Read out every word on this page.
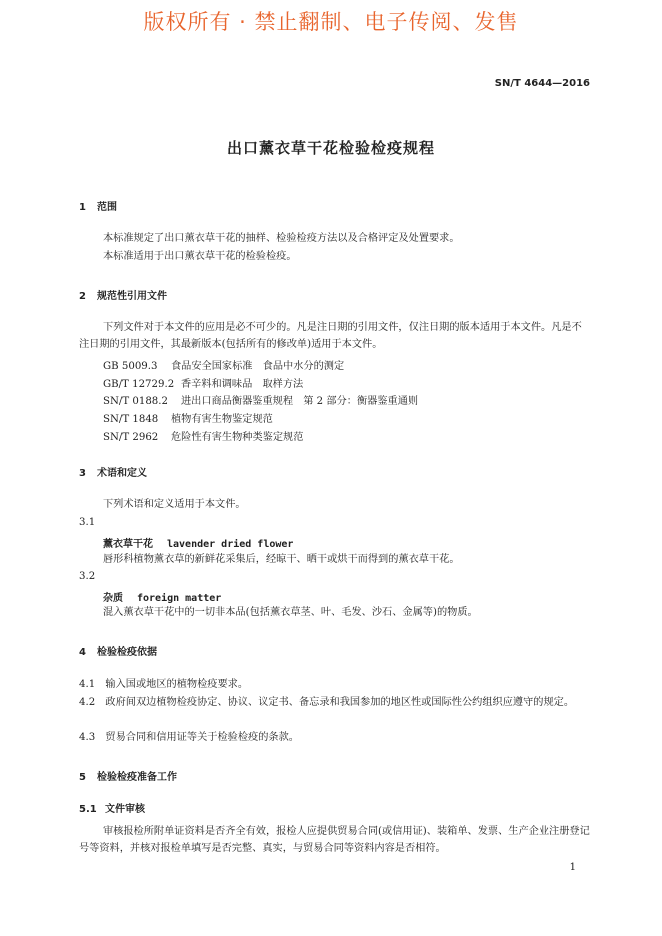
版权所有 · 禁止翻制、电子传阅、发售
SN/T 4644—2016
出口薰衣草干花检验检疫规程
1 范围
本标准规定了出口薰衣草干花的抽样、检验检疫方法以及合格评定及处置要求。
本标准适用于出口薰衣草干花的检验检疫。
2 规范性引用文件
下列文件对于本文件的应用是必不可少的。凡是注日期的引用文件，仅注日期的版本适用于本文件。凡是不注日期的引用文件，其最新版本(包括所有的修改单)适用于本文件。
GB 5009.3 食品安全国家标准　食品中水分的测定
GB/T 12729.2 香辛料和调味品　取样方法
SN/T 0188.2 进出口商品衡器鉴重规程　第 2 部分：衡器鉴重通则
SN/T 1848 植物有害生物鉴定规范
SN/T 2962 危险性有害生物种类鉴定规范
3 术语和定义
下列术语和定义适用于本文件。
3.1
薰衣草干花 lavender dried flower
唇形科植物薰衣草的新鲜花采集后，经晾干、晒干或烘干而得到的薰衣草干花。
3.2
杂质 foreign matter
混入薰衣草干花中的一切非本品(包括薰衣草茎、叶、毛发、沙石、金属等)的物质。
4 检验检疫依据
4.1　输入国或地区的植物检疫要求。
4.2　政府间双边植物检疫协定、协议、议定书、备忘录和我国参加的地区性或国际性公约组织应遵守的规定。
4.3　贸易合同和信用证等关于检验检疫的条款。
5 检验检疫准备工作
5.1 文件审核
审核报检所附单证资料是否齐全有效，报检人应提供贸易合同(或信用证)、装箱单、发票、生产企业注册登记号等资料，并核对报检单填写是否完整、真实，与贸易合同等资料内容是否相符。
1
